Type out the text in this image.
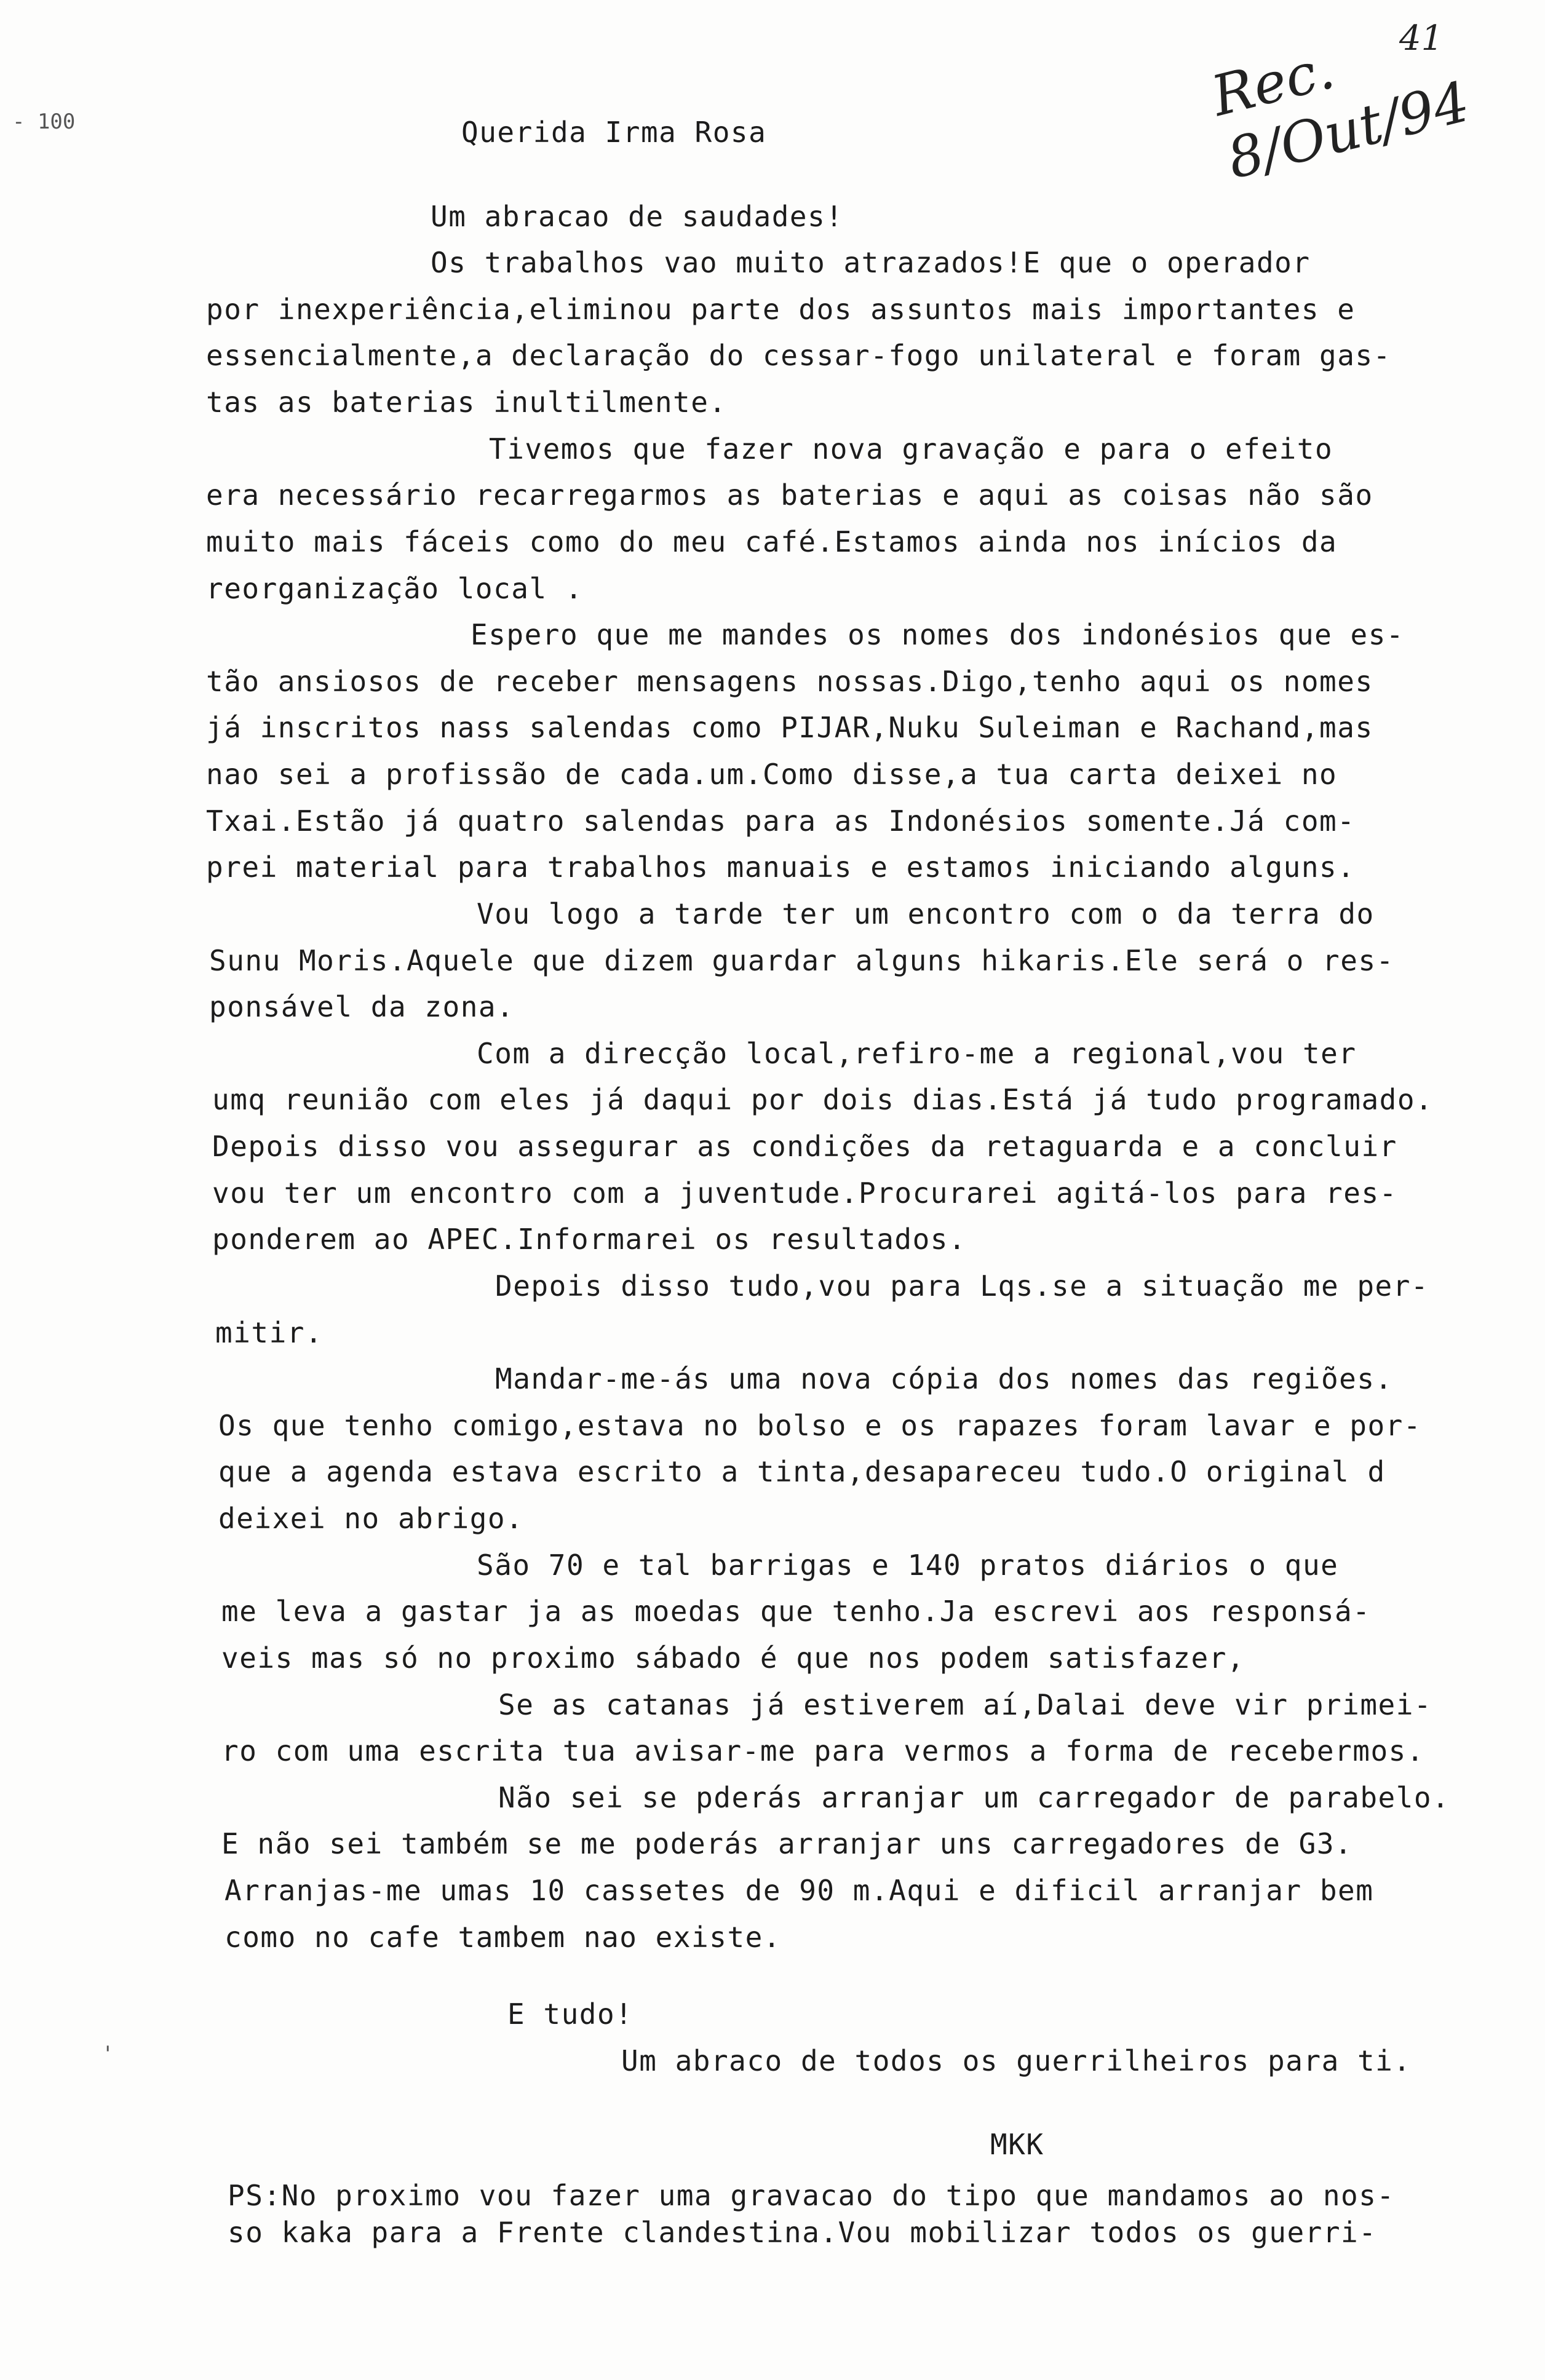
- 100
'
41
Rec. 8/Out/94
Querida Irma Rosa
Um abracao de saudades!
Os trabalhos vao muito atrazados!E que o operador
por inexperiência,eliminou parte dos assuntos mais importantes e
essencialmente,a declaração do cessar-fogo unilateral e foram gas-
tas as baterias inultilmente.
Tivemos que fazer nova gravação e para o efeito
era necessário recarregarmos as baterias e aqui as coisas não são
muito mais fáceis como do meu café.Estamos ainda nos inícios da
reorganização local .
Espero que me mandes os nomes dos indonésios que es-
tão ansiosos de receber mensagens nossas.Digo,tenho aqui os nomes
já inscritos nass salendas como PIJAR,Nuku Suleiman e Rachand,mas
nao sei a profissão de cada.um.Como disse,a tua carta deixei no
Txai.Estão já quatro salendas para as Indonésios somente.Já com-
prei material para trabalhos manuais e estamos iniciando alguns.
Vou logo a tarde ter um encontro com o da terra do
Sunu Moris.Aquele que dizem guardar alguns hikaris.Ele será o res-
ponsável da zona.
Com a direcção local,refiro-me a regional,vou ter
umq reunião com eles já daqui por dois dias.Está já tudo programado.
Depois disso vou assegurar as condições da retaguarda e a concluir
vou ter um encontro com a juventude.Procurarei agitá-los para res-
ponderem ao APEC.Informarei os resultados.
Depois disso tudo,vou para Lqs.se a situação me per-
mitir.
Mandar-me-ás uma nova cópia dos nomes das regiões.
Os que tenho comigo,estava no bolso e os rapazes foram lavar e por-
que a agenda estava escrito a tinta,desapareceu tudo.O original d
deixei no abrigo.
São 70 e tal barrigas e 140 pratos diários o que
me leva a gastar ja as moedas que tenho.Ja escrevi aos responsá-
veis mas só no proximo sábado é que nos podem satisfazer,
Se as catanas já estiverem aí,Dalai deve vir primei-
ro com uma escrita tua avisar-me para vermos a forma de recebermos.
Não sei se pderás arranjar um carregador de parabelo.
E não sei também se me poderás arranjar uns carregadores de G3.
Arranjas-me umas 10 cassetes de 90 m.Aqui e dificil arranjar bem
como no cafe tambem nao existe.
E tudo!
Um abraco de todos os guerrilheiros para ti.
MKK
PS:No proximo vou fazer uma gravacao do tipo que mandamos ao nos-
so kaka para a Frente clandestina.Vou mobilizar todos os guerri-
